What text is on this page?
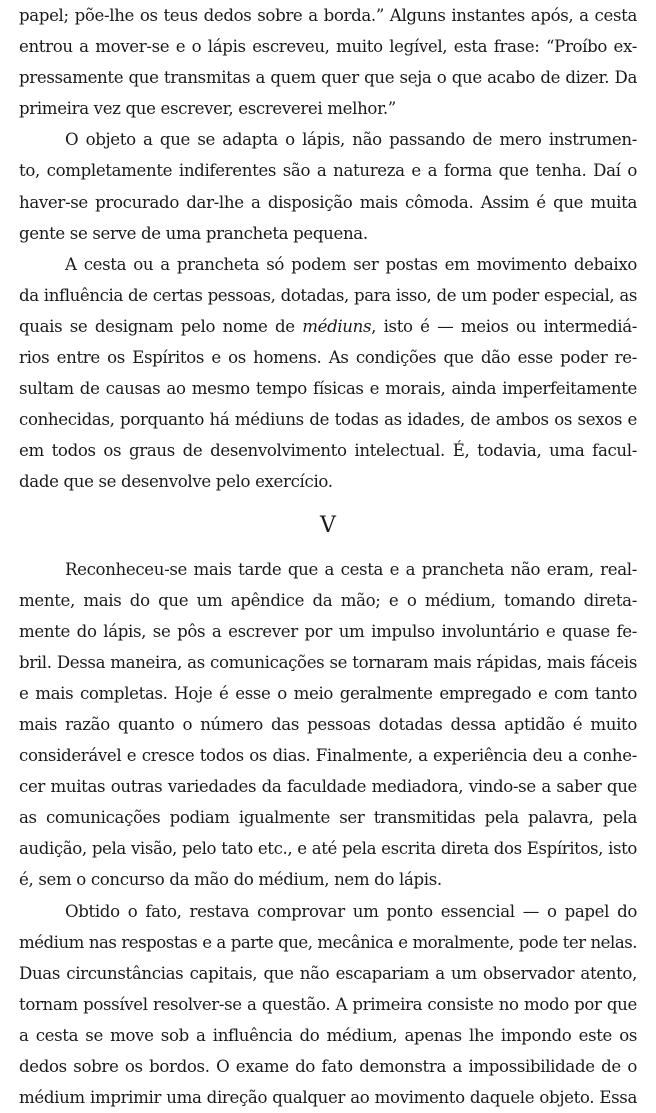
papel; põe-lhe os teus dedos sobre a borda.” Alguns instantes após, a cesta
entrou a mover-se e o lápis escreveu, muito legível, esta frase: “Proíbo ex-
pressamente que transmitas a quem quer que seja o que acabo de dizer. Da
primeira vez que escrever, escreverei melhor.”
O objeto a que se adapta o lápis, não passando de mero instrumen-
to, completamente indiferentes são a natureza e a forma que tenha. Daí o
haver-se procurado dar-lhe a disposição mais cômoda. Assim é que muita
gente se serve de uma prancheta pequena.
A cesta ou a prancheta só podem ser postas em movimento debaixo
da influência de certas pessoas, dotadas, para isso, de um poder especial, as
quais se designam pelo nome de médiuns, isto é — meios ou intermediá-
rios entre os Espíritos e os homens. As condições que dão esse poder re-
sultam de causas ao mesmo tempo físicas e morais, ainda imperfeitamente
conhecidas, porquanto há médiuns de todas as idades, de ambos os sexos e
em todos os graus de desenvolvimento intelectual. É, todavia, uma facul-
dade que se desenvolve pelo exercício.
V
Reconheceu-se mais tarde que a cesta e a prancheta não eram, real-
mente, mais do que um apêndice da mão; e o médium, tomando direta-
mente do lápis, se pôs a escrever por um impulso involuntário e quase fe-
bril. Dessa maneira, as comunicações se tornaram mais rápidas, mais fáceis
e mais completas. Hoje é esse o meio geralmente empregado e com tanto
mais razão quanto o número das pessoas dotadas dessa aptidão é muito
considerável e cresce todos os dias. Finalmente, a experiência deu a conhe-
cer muitas outras variedades da faculdade mediadora, vindo-se a saber que
as comunicações podiam igualmente ser transmitidas pela palavra, pela
audição, pela visão, pelo tato etc., e até pela escrita direta dos Espíritos, isto
é, sem o concurso da mão do médium, nem do lápis.
Obtido o fato, restava comprovar um ponto essencial — o papel do
médium nas respostas e a parte que, mecânica e moralmente, pode ter nelas.
Duas circunstâncias capitais, que não escapariam a um observador atento,
tornam possível resolver-se a questão. A primeira consiste no modo por que
a cesta se move sob a influência do médium, apenas lhe impondo este os
dedos sobre os bordos. O exame do fato demonstra a impossibilidade de o
médium imprimir uma direção qualquer ao movimento daquele objeto. Essa
